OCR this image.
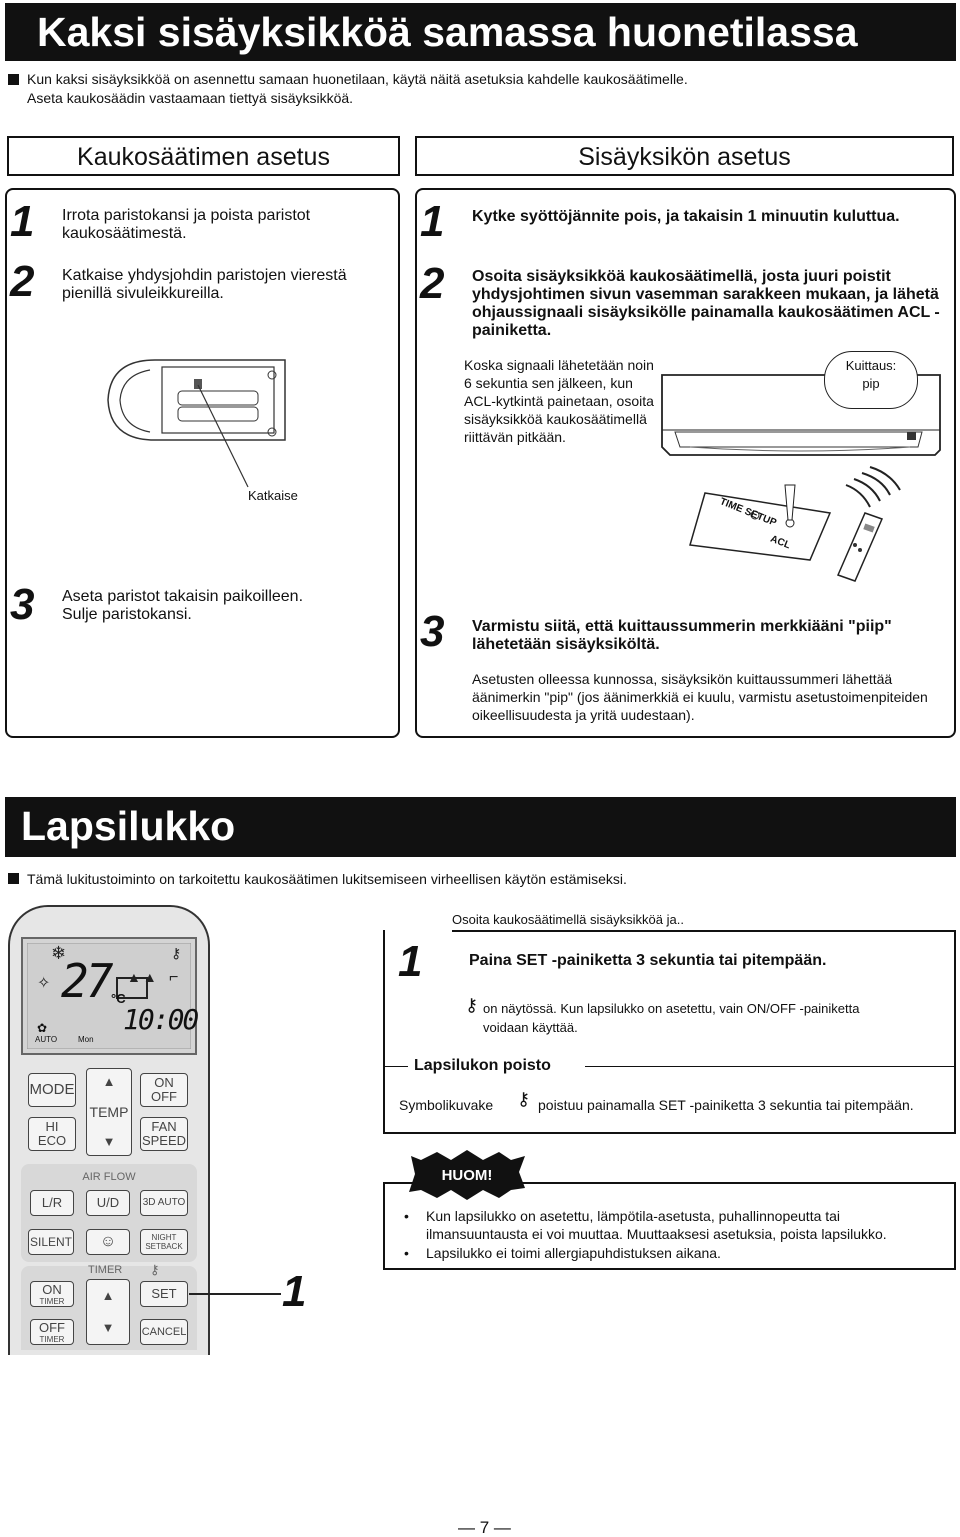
Kaksi sisäyksikköä samassa huonetilassa
Kun kaksi sisäyksikköä on asennettu samaan huonetilaan, käytä näitä asetuksia kahdelle kaukosäätimelle.
Aseta kaukosäädin vastaamaan tiettyä sisäyksikköä.
Kaukosäätimen asetus	Sisäyksikön asetus
1 Irrota paristokansi ja poista paristot kaukosäätimestä.
2 Katkaise yhdysjohdin paristojen vierestä pienillä sivuleikkureilla.
Katkaise
3 Aseta paristot takaisin paikoilleen.
Sulje paristokansi.
1 Kytke syöttöjännite pois, ja takaisin 1 minuutin kuluttua.
2 Osoita sisäyksikköä kaukosäätimellä, josta juuri poistit yhdysjohtimen sivun vasemman sarakkeen mukaan, ja lähetä ohjaussignaali sisäyksikölle painamalla kaukosäätimen ACL -painiketta.
Koska signaali lähetetään noin 6 sekuntia sen jälkeen, kun ACL-kytkintä painetaan, osoita sisäyksikköä kaukosäätimellä riittävän pitkään.
Kuittaus:
pip
TIME SETUP
ACL
3 Varmistu siitä, että kuittaussummerin merkkiääni "piip" lähetetään sisäyksiköltä.
Asetusten olleessa kunnossa, sisäyksikön kuittaussummeri lähettää äänimerkin "pip" (jos äänimerkkiä ei kuulu, varmistu asetustoimenpiteiden oikeellisuudesta ja yritä uudestaan).
Lapsilukko
Tämä lukitustoiminto on tarkoitettu kaukosäätimen lukitsemiseen virheellisen käytön estämiseksi.
❄	⚷
✧ 27 °C
▲▲ ⌐
✿
AUTO	Mon
10:00
MODE
HI
ECO
▲
TEMP
▼
ON
OFF
FAN
SPEED
AIR FLOW
L/R	U/D	3D AUTO
SILENT ☺	NIGHT
SETBACK
TIMER ⚷
ON
TIMER
OFF
TIMER
▲
▼
SET
CANCEL
1
Osoita kaukosäätimellä sisäyksikköä ja..
1	Paina SET -painiketta 3 sekuntia tai pitempään.
⚷ on näytössä. Kun lapsilukko on asetettu, vain ON/OFF -painiketta
voidaan käyttää.
Lapsilukon poisto
Symbolikuvake ⚷ poistuu painamalla SET -painiketta 3 sekuntia tai pitempään.
HUOM!
• Kun lapsilukko on asetettu, lämpötila-asetusta, puhallinnopeutta tai ilmansuuntausta ei voi muuttaa. Muuttaaksesi asetuksia, poista lapsilukko.
• Lapsilukko ei toimi allergiapuhdistuksen aikana.
— 7 —
